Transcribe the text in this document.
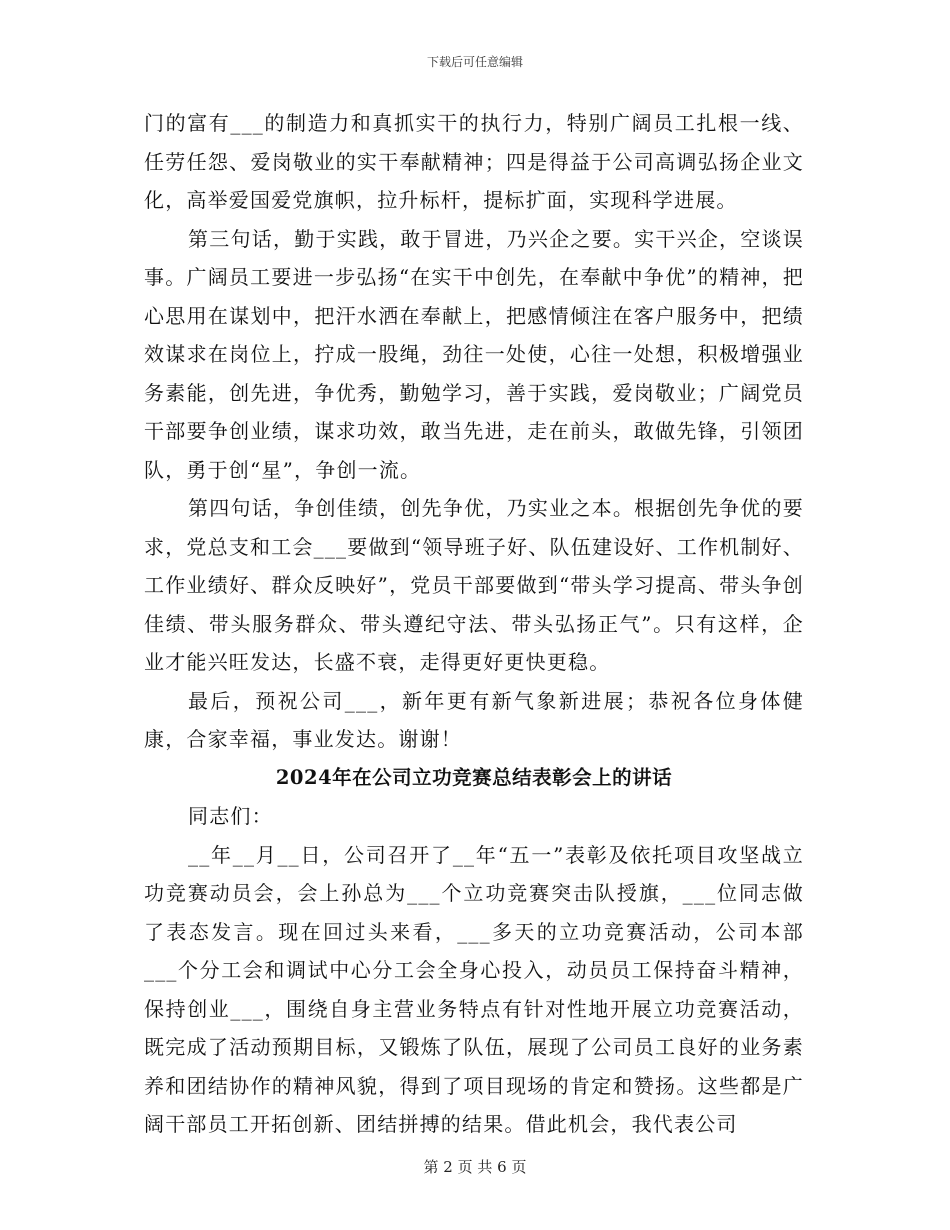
下载后可任意编辑

门的富有___的制造力和真抓实干的执行力，特别广阔员工扎根一线、任劳任怨、爱岗敬业的实干奉献精神；四是得益于公司高调弘扬企业文化，高举爱国爱党旗帜，拉升标杆，提标扩面，实现科学进展。

第三句话，勤于实践，敢于冒进，乃兴企之要。实干兴企，空谈误事。广阔员工要进一步弘扬“在实干中创先，在奉献中争优”的精神，把心思用在谋划中，把汗水洒在奉献上，把感情倾注在客户服务中，把绩效谋求在岗位上，拧成一股绳，劲往一处使，心往一处想，积极增强业务素能，创先进，争优秀，勤勉学习，善于实践，爱岗敬业；广阔党员干部要争创业绩，谋求功效，敢当先进，走在前头，敢做先锋，引领团队，勇于创“星”，争创一流。

第四句话，争创佳绩，创先争优，乃实业之本。根据创先争优的要求，党总支和工会___要做到“领导班子好、队伍建设好、工作机制好、工作业绩好、群众反映好”，党员干部要做到“带头学习提高、带头争创佳绩、带头服务群众、带头遵纪守法、带头弘扬正气”。只有这样，企业才能兴旺发达，长盛不衰，走得更好更快更稳。

最后，预祝公司___，新年更有新气象新进展；恭祝各位身体健康，合家幸福，事业发达。谢谢！

2024年在公司立功竞赛总结表彰会上的讲话

同志们：

__年__月__日，公司召开了__年“五一”表彰及依托项目攻坚战立功竞赛动员会，会上孙总为___个立功竞赛突击队授旗，___位同志做了表态发言。现在回过头来看，___多天的立功竞赛活动，公司本部___个分工会和调试中心分工会全身心投入，动员员工保持奋斗精神，保持创业___，围绕自身主营业务特点有针对性地开展立功竞赛活动，既完成了活动预期目标，又锻炼了队伍，展现了公司员工良好的业务素养和团结协作的精神风貌，得到了项目现场的肯定和赞扬。这些都是广阔干部员工开拓创新、团结拼搏的结果。借此机会，我代表公司

第 2 页 共 6 页
